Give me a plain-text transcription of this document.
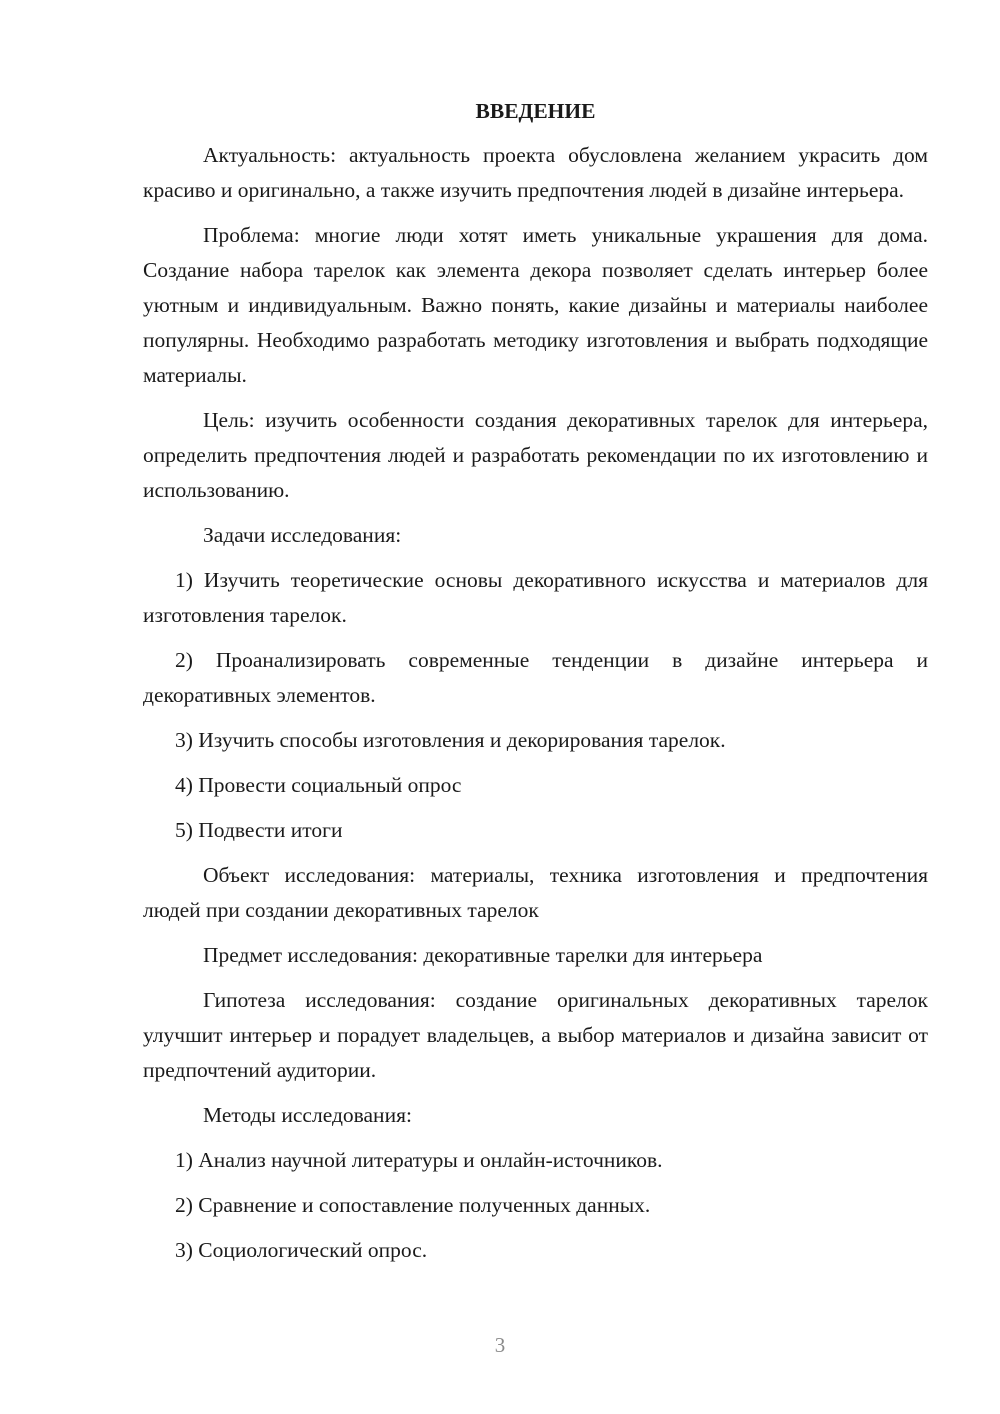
ВВЕДЕНИЕ

Актуальность: актуальность проекта обусловлена желанием украсить дом красиво и оригинально, а также изучить предпочтения людей в дизайне интерьера.

Проблема: многие люди хотят иметь уникальные украшения для дома. Создание набора тарелок как элемента декора позволяет сделать интерьер более уютным и индивидуальным. Важно понять, какие дизайны и материалы наиболее популярны. Необходимо разработать методику изготовления и выбрать подходящие материалы.

Цель: изучить особенности создания декоративных тарелок для интерьера, определить предпочтения людей и разработать рекомендации по их изготовлению и использованию.

Задачи исследования:

1) Изучить теоретические основы декоративного искусства и материалов для изготовления тарелок.

2) Проанализировать современные тенденции в дизайне интерьера и декоративных элементов.

3) Изучить способы изготовления и декорирования тарелок.

4) Провести социальный опрос

5) Подвести итоги

Объект исследования: материалы, техника изготовления и предпочтения людей при создании декоративных тарелок

Предмет исследования: декоративные тарелки для интерьера

Гипотеза исследования: создание оригинальных декоративных тарелок улучшит интерьер и порадует владельцев, а выбор материалов и дизайна зависит от предпочтений аудитории.

Методы исследования:

1) Анализ научной литературы и онлайн-источников.

2) Сравнение и сопоставление полученных данных.

3) Социологический опрос.

3
